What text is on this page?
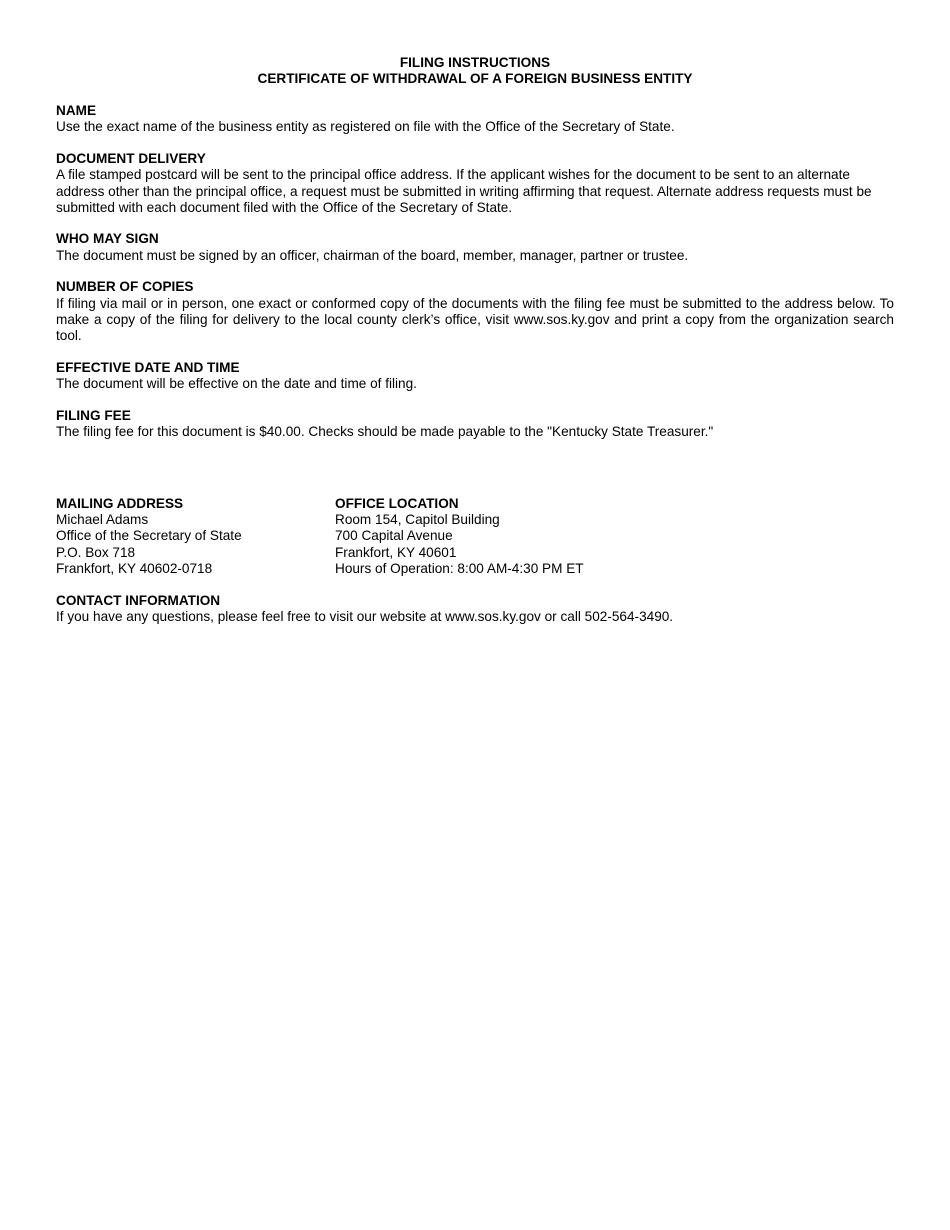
FILING INSTRUCTIONS
CERTIFICATE OF WITHDRAWAL OF A FOREIGN BUSINESS ENTITY
NAME
Use the exact name of the business entity as registered on file with the Office of the Secretary of State.
DOCUMENT DELIVERY
A file stamped postcard will be sent to the principal office address. If the applicant wishes for the document to be sent to an alternate address other than the principal office, a request must be submitted in writing affirming that request. Alternate address requests must be submitted with each document filed with the Office of the Secretary of State.
WHO MAY SIGN
The document must be signed by an officer, chairman of the board, member, manager, partner or trustee.
NUMBER OF COPIES
If filing via mail or in person, one exact or conformed copy of the documents with the filing fee must be submitted to the address below. To make a copy of the filing for delivery to the local county clerk’s office, visit www.sos.ky.gov and print a copy from the organization search tool.
EFFECTIVE DATE AND TIME
The document will be effective on the date and time of filing.
FILING FEE
The filing fee for this document is $40.00. Checks should be made payable to the "Kentucky State Treasurer."
MAILING ADDRESS
Michael Adams
Office of the Secretary of State
P.O. Box 718
Frankfort, KY 40602-0718
OFFICE LOCATION
Room 154, Capitol Building
700 Capital Avenue
Frankfort, KY 40601
Hours of Operation: 8:00 AM-4:30 PM ET
CONTACT INFORMATION
If you have any questions, please feel free to visit our website at www.sos.ky.gov or call 502-564-3490.
